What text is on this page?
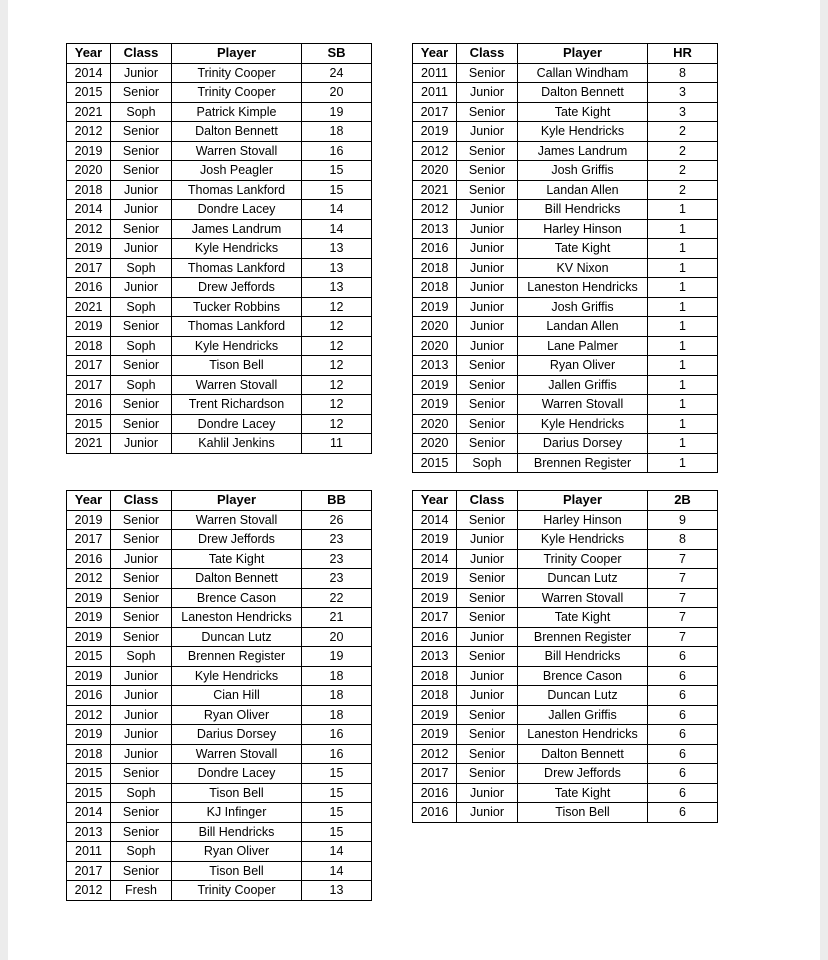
Year	Class	Player	SB
2014	Junior	Trinity Cooper	24
2015	Senior	Trinity Cooper	20
2021	Soph	Patrick Kimple	19
2012	Senior	Dalton Bennett	18
2019	Senior	Warren Stovall	16
2020	Senior	Josh Peagler	15
2018	Junior	Thomas Lankford	15
2014	Junior	Dondre Lacey	14
2012	Senior	James Landrum	14
2019	Junior	Kyle Hendricks	13
2017	Soph	Thomas Lankford	13
2016	Junior	Drew Jeffords	13
2021	Soph	Tucker Robbins	12
2019	Senior	Thomas Lankford	12
2018	Soph	Kyle Hendricks	12
2017	Senior	Tison Bell	12
2017	Soph	Warren Stovall	12
2016	Senior	Trent Richardson	12
2015	Senior	Dondre Lacey	12
2021	Junior	Kahlil Jenkins	11
Year	Class	Player	HR
2011	Senior	Callan Windham	8
2011	Junior	Dalton Bennett	3
2017	Senior	Tate Kight	3
2019	Junior	Kyle Hendricks	2
2012	Senior	James Landrum	2
2020	Senior	Josh Griffis	2
2021	Senior	Landan Allen	2
2012	Junior	Bill Hendricks	1
2013	Junior	Harley Hinson	1
2016	Junior	Tate Kight	1
2018	Junior	KV Nixon	1
2018	Junior	Laneston Hendricks	1
2019	Junior	Josh Griffis	1
2020	Junior	Landan Allen	1
2020	Junior	Lane Palmer	1
2013	Senior	Ryan Oliver	1
2019	Senior	Jallen Griffis	1
2019	Senior	Warren Stovall	1
2020	Senior	Kyle Hendricks	1
2020	Senior	Darius Dorsey	1
2015	Soph	Brennen Register	1
Year	Class	Player	BB
2019	Senior	Warren Stovall	26
2017	Senior	Drew Jeffords	23
2016	Junior	Tate Kight	23
2012	Senior	Dalton Bennett	23
2019	Senior	Brence Cason	22
2019	Senior	Laneston Hendricks	21
2019	Senior	Duncan Lutz	20
2015	Soph	Brennen Register	19
2019	Junior	Kyle Hendricks	18
2016	Junior	Cian Hill	18
2012	Junior	Ryan Oliver	18
2019	Junior	Darius Dorsey	16
2018	Junior	Warren Stovall	16
2015	Senior	Dondre Lacey	15
2015	Soph	Tison Bell	15
2014	Senior	KJ Infinger	15
2013	Senior	Bill Hendricks	15
2011	Soph	Ryan Oliver	14
2017	Senior	Tison Bell	14
2012	Fresh	Trinity Cooper	13
Year	Class	Player	2B
2014	Senior	Harley Hinson	9
2019	Junior	Kyle Hendricks	8
2014	Junior	Trinity Cooper	7
2019	Senior	Duncan Lutz	7
2019	Senior	Warren Stovall	7
2017	Senior	Tate Kight	7
2016	Junior	Brennen Register	7
2013	Senior	Bill Hendricks	6
2018	Junior	Brence Cason	6
2018	Junior	Duncan Lutz	6
2019	Senior	Jallen Griffis	6
2019	Senior	Laneston Hendricks	6
2012	Senior	Dalton Bennett	6
2017	Senior	Drew Jeffords	6
2016	Junior	Tate Kight	6
2016	Junior	Tison Bell	6
